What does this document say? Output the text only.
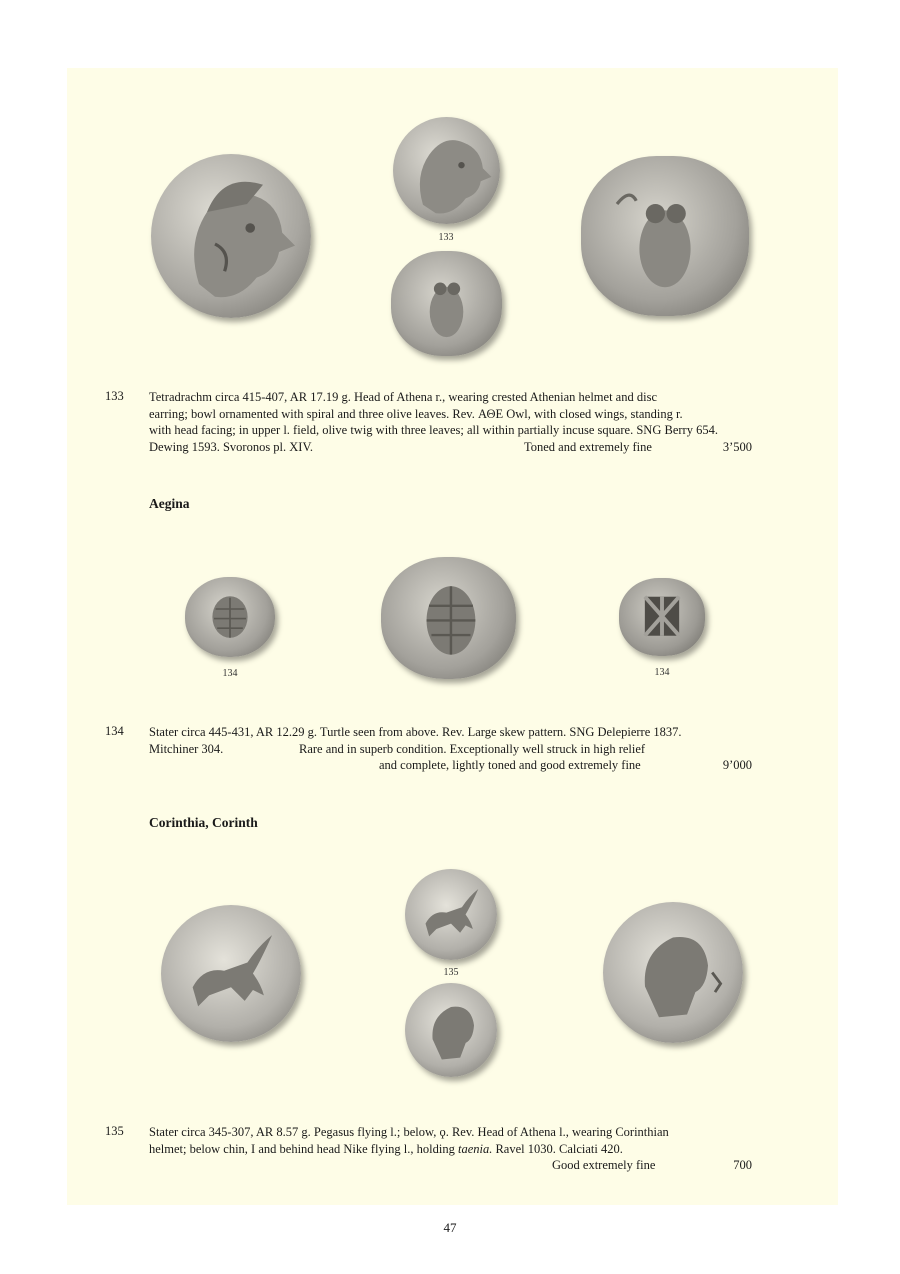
133
133 Tetradrachm circa 415-407, AR 17.19 g. Head of Athena r., wearing crested Athenian helmet and disc
earring; bowl ornamented with spiral and three olive leaves. Rev. ΑΘΕ Owl, with closed wings, standing r.
with head facing; in upper l. field, olive twig with three leaves; all within partially incuse square. SNG Berry 654.
Dewing 1593. Svoronos pl. XIV.	Toned and extremely fine	3’500
Aegina
134	134
134 Stater circa 445-431, AR 12.29 g. Turtle seen from above. Rev. Large skew pattern. SNG Delepierre 1837.
Mitchiner 304.	Rare and in superb condition. Exceptionally well struck in high relief
and complete, lightly toned and good extremely fine	9’000
Corinthia, Corinth
135
135 Stater circa 345-307, AR 8.57 g. Pegasus flying l.; below, ϙ. Rev. Head of Athena l., wearing Corinthian
helmet; below chin, I and behind head Nike flying l., holding taenia. Ravel 1030. Calciati 420.
Good extremely fine	700
47
